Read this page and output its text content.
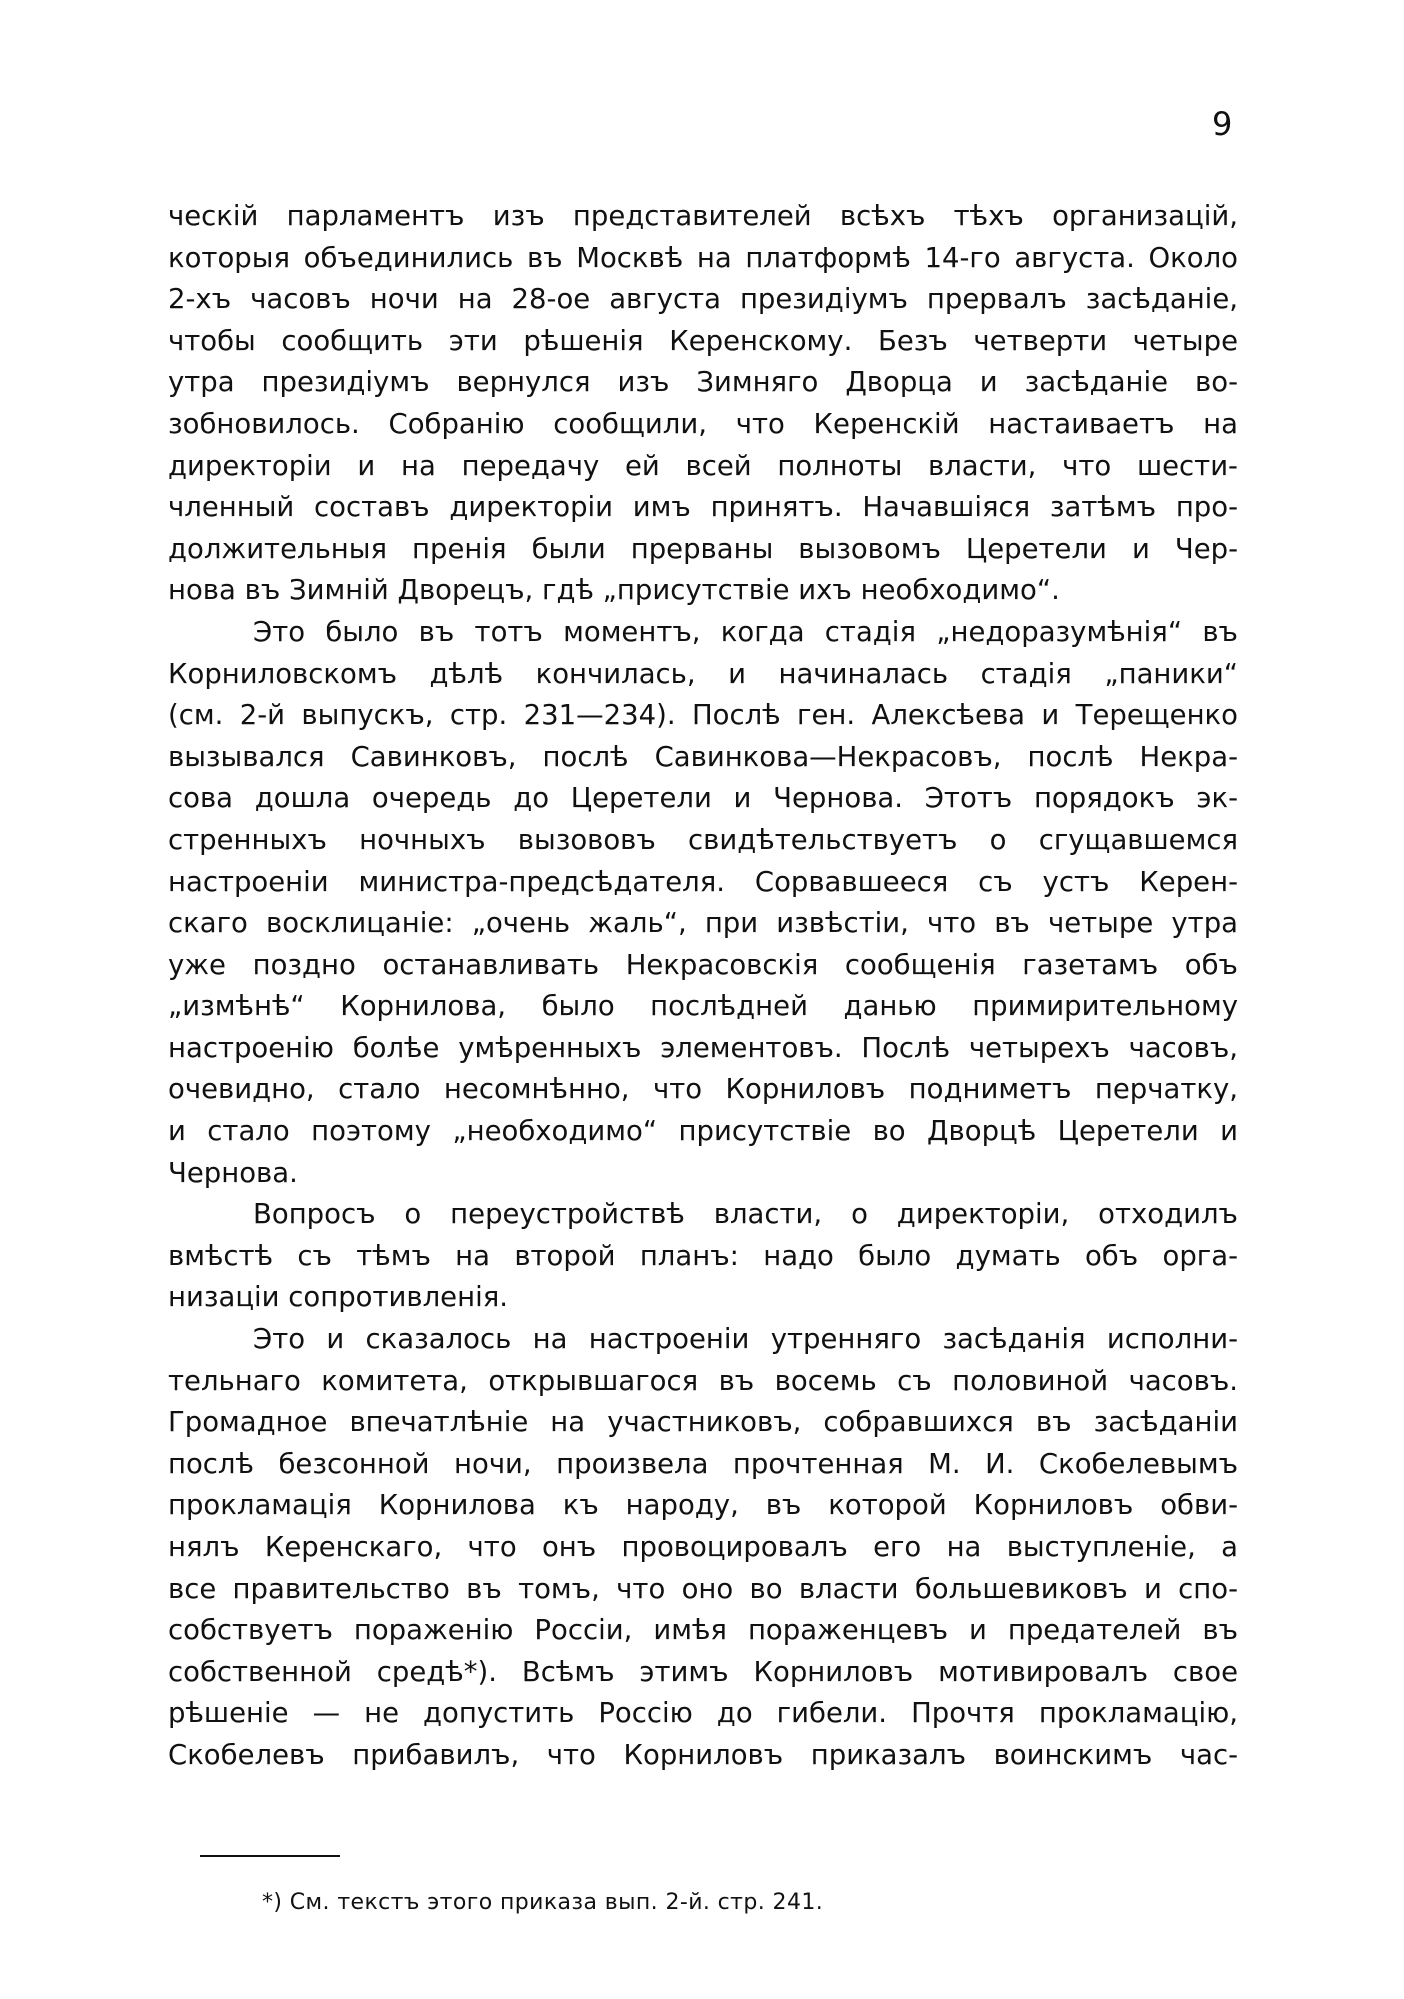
9
ческій парламентъ изъ представителей всѣхъ тѣхъ организацій,
которыя объединились въ Москвѣ на платформѣ 14-го августа. Около
2-хъ часовъ ночи на 28-ое августа президіумъ прервалъ засѣданіе,
чтобы сообщить эти рѣшенія Керенскому. Безъ четверти четыре
утра президіумъ вернулся изъ Зимняго Дворца и засѣданіе во-
зобновилось. Собранію сообщили, что Керенскій настаиваетъ на
директоріи и на передачу ей всей полноты власти, что шести-
членный составъ директоріи имъ принятъ. Начавшіяся затѣмъ про-
должительныя пренія были прерваны вызовомъ Церетели и Чер-
нова въ Зимній Дворецъ, гдѣ „присутствіе ихъ необходимо“.
Это было въ тотъ моментъ, когда стадія „недоразумѣнія“ въ
Корниловскомъ дѣлѣ кончилась, и начиналась стадія „паники“
(см. 2-й выпускъ, стр. 231—234). Послѣ ген. Алексѣева и Терещенко
вызывался Савинковъ, послѣ Савинкова—Некрасовъ, послѣ Некра-
сова дошла очередь до Церетели и Чернова. Этотъ порядокъ эк-
стренныхъ ночныхъ вызововъ свидѣтельствуетъ о сгущавшемся
настроеніи министра-предсѣдателя. Сорвавшееся съ устъ Керен-
скаго восклицаніе: „очень жаль“, при извѣстіи, что въ четыре утра
уже поздно останавливать Некрасовскія сообщенія газетамъ объ
„измѣнѣ“ Корнилова, было послѣдней данью примирительному
настроенію болѣе умѣренныхъ элементовъ. Послѣ четырехъ часовъ,
очевидно, стало несомнѣнно, что Корниловъ подниметъ перчатку,
и стало поэтому „необходимо“ присутствіе во Дворцѣ Церетели и
Чернова.
Вопросъ о переустройствѣ власти, о директоріи, отходилъ
вмѣстѣ съ тѣмъ на второй планъ: надо было думать объ орга-
низаціи сопротивленія.
Это и сказалось на настроеніи утренняго засѣданія исполни-
тельнаго комитета, открывшагося въ восемь съ половиной часовъ.
Громадное впечатлѣніе на участниковъ, собравшихся въ засѣданіи
послѣ безсонной ночи, произвела прочтенная М. И. Скобелевымъ
прокламація Корнилова къ народу, въ которой Корниловъ обви-
нялъ Керенскаго, что онъ провоцировалъ его на выступленіе, а
все правительство въ томъ, что оно во власти большевиковъ и спо-
собствуетъ пораженію Россіи, имѣя пораженцевъ и предателей въ
собственной средѣ*). Всѣмъ этимъ Корниловъ мотивировалъ свое
рѣшеніе — не допустить Россію до гибели. Прочтя прокламацію,
Скобелевъ прибавилъ, что Корниловъ приказалъ воинскимъ час-
*) См. текстъ этого приказа вып. 2-й. стр. 241.
